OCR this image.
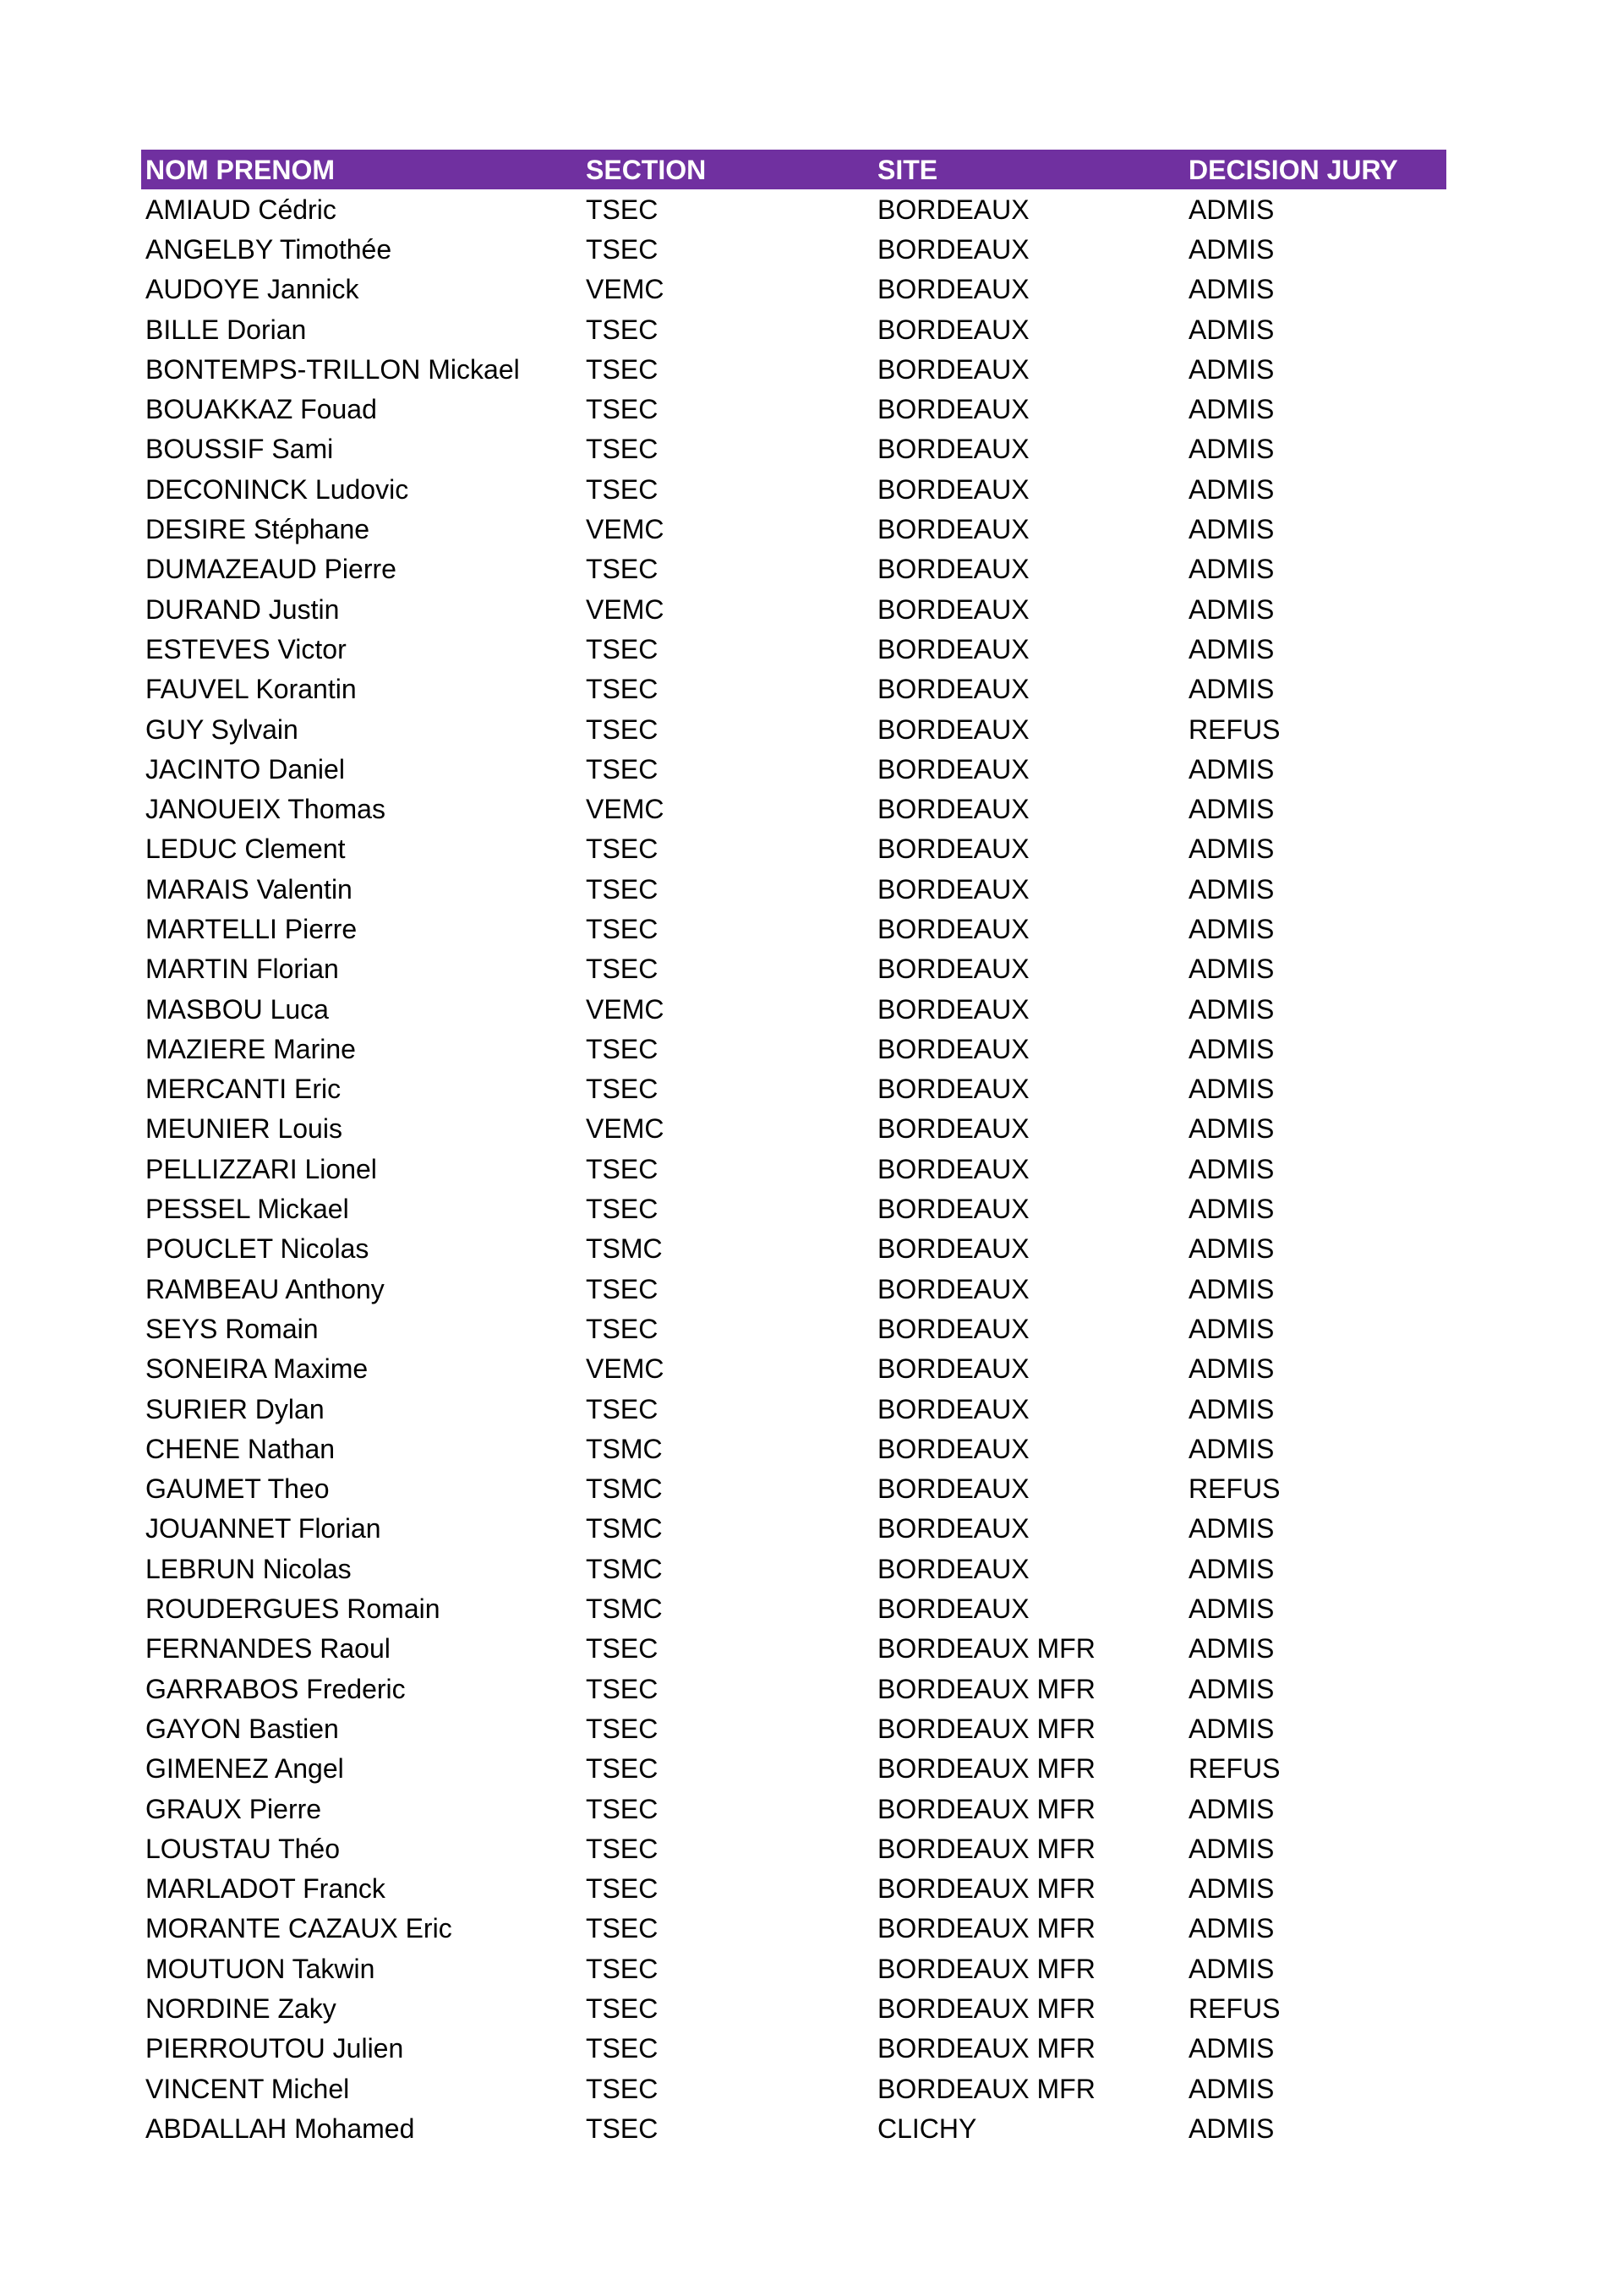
NOM PRENOM	SECTION	SITE	DECISION JURY
AMIAUD Cédric	TSEC	BORDEAUX	ADMIS
ANGELBY Timothée	TSEC	BORDEAUX	ADMIS
AUDOYE Jannick	VEMC	BORDEAUX	ADMIS
BILLE Dorian	TSEC	BORDEAUX	ADMIS
BONTEMPS-TRILLON Mickael	TSEC	BORDEAUX	ADMIS
BOUAKKAZ Fouad	TSEC	BORDEAUX	ADMIS
BOUSSIF Sami	TSEC	BORDEAUX	ADMIS
DECONINCK Ludovic	TSEC	BORDEAUX	ADMIS
DESIRE Stéphane	VEMC	BORDEAUX	ADMIS
DUMAZEAUD Pierre	TSEC	BORDEAUX	ADMIS
DURAND Justin	VEMC	BORDEAUX	ADMIS
ESTEVES Victor	TSEC	BORDEAUX	ADMIS
FAUVEL Korantin	TSEC	BORDEAUX	ADMIS
GUY Sylvain	TSEC	BORDEAUX	REFUS
JACINTO Daniel	TSEC	BORDEAUX	ADMIS
JANOUEIX Thomas	VEMC	BORDEAUX	ADMIS
LEDUC Clement	TSEC	BORDEAUX	ADMIS
MARAIS Valentin	TSEC	BORDEAUX	ADMIS
MARTELLI Pierre	TSEC	BORDEAUX	ADMIS
MARTIN Florian	TSEC	BORDEAUX	ADMIS
MASBOU Luca	VEMC	BORDEAUX	ADMIS
MAZIERE Marine	TSEC	BORDEAUX	ADMIS
MERCANTI Eric	TSEC	BORDEAUX	ADMIS
MEUNIER Louis	VEMC	BORDEAUX	ADMIS
PELLIZZARI Lionel	TSEC	BORDEAUX	ADMIS
PESSEL Mickael	TSEC	BORDEAUX	ADMIS
POUCLET Nicolas	TSMC	BORDEAUX	ADMIS
RAMBEAU Anthony	TSEC	BORDEAUX	ADMIS
SEYS Romain	TSEC	BORDEAUX	ADMIS
SONEIRA Maxime	VEMC	BORDEAUX	ADMIS
SURIER Dylan	TSEC	BORDEAUX	ADMIS
CHENE Nathan	TSMC	BORDEAUX	ADMIS
GAUMET Theo	TSMC	BORDEAUX	REFUS
JOUANNET Florian	TSMC	BORDEAUX	ADMIS
LEBRUN Nicolas	TSMC	BORDEAUX	ADMIS
ROUDERGUES Romain	TSMC	BORDEAUX	ADMIS
FERNANDES Raoul	TSEC	BORDEAUX MFR	ADMIS
GARRABOS Frederic	TSEC	BORDEAUX MFR	ADMIS
GAYON Bastien	TSEC	BORDEAUX MFR	ADMIS
GIMENEZ Angel	TSEC	BORDEAUX MFR	REFUS
GRAUX Pierre	TSEC	BORDEAUX MFR	ADMIS
LOUSTAU Théo	TSEC	BORDEAUX MFR	ADMIS
MARLADOT Franck	TSEC	BORDEAUX MFR	ADMIS
MORANTE CAZAUX Eric	TSEC	BORDEAUX MFR	ADMIS
MOUTUON Takwin	TSEC	BORDEAUX MFR	ADMIS
NORDINE Zaky	TSEC	BORDEAUX MFR	REFUS
PIERROUTOU Julien	TSEC	BORDEAUX MFR	ADMIS
VINCENT Michel	TSEC	BORDEAUX MFR	ADMIS
ABDALLAH Mohamed	TSEC	CLICHY	ADMIS
